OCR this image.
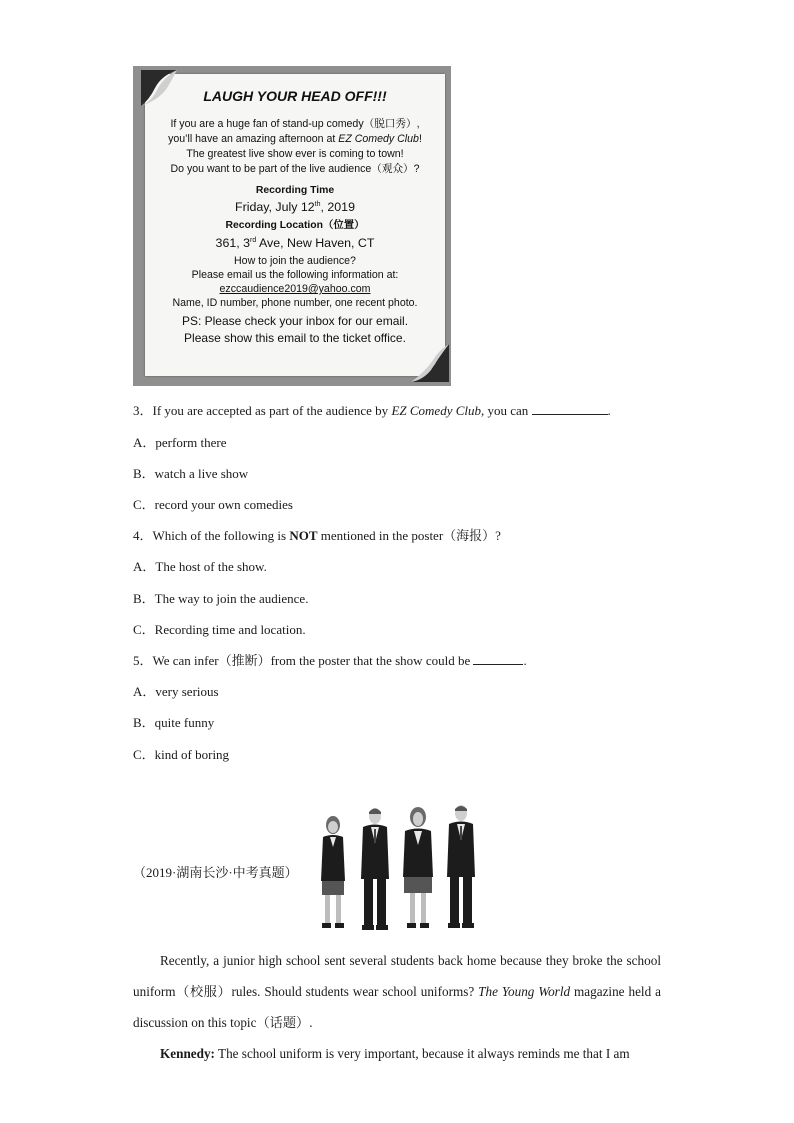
LAUGH YOUR HEAD OFF!!!
If you are a huge fan of stand-up comedy（脱口秀）,
you’ll have an amazing afternoon at EZ Comedy Club!
The greatest live show ever is coming to town!
Do you want to be part of the live audience（观众）?
Recording Time
Friday, July 12th, 2019
Recording Location（位置）
361, 3rd Ave, New Haven, CT
How to join the audience?
Please email us the following information at:
ezccaudience2019@yahoo.com
Name, ID number, phone number, one recent photo.
PS: Please check your inbox for our email.
Please show this email to the ticket office.
3．If you are accepted as part of the audience by EZ Comedy Club, you can	.
A．perform there
B．watch a live show
C．record your own comedies
4．Which of the following is NOT mentioned in the poster（海报）?
A．The host of the show.
B．The way to join the audience.
C．Recording time and location.
5．We can infer（推断）from the poster that the show could be	.
A．very serious
B．quite funny
C．kind of boring
（2019·湖南长沙·中考真题）
Recently, a junior high school sent several students back home because they broke the school uniform（校服）rules. Should students wear school uniforms? The Young World magazine held a discussion on this topic（话题）.
Kennedy: The school uniform is very important, because it always reminds me that I am
